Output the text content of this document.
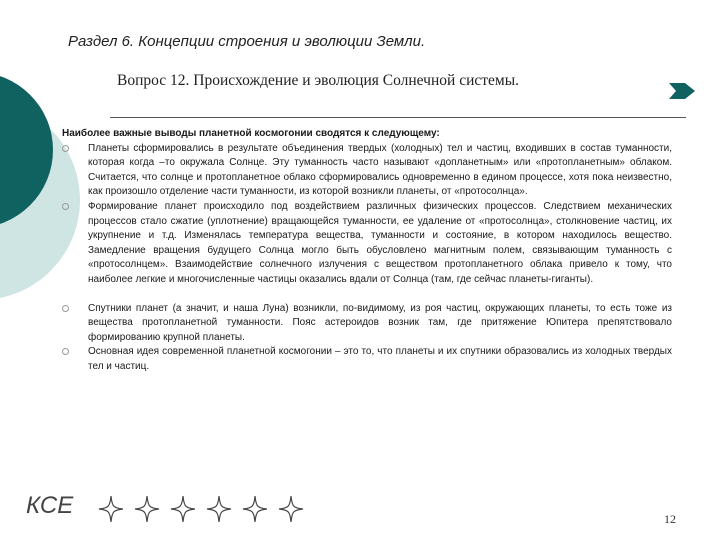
Раздел 6. Концепции строения и эволюции Земли.

Вопрос 12. Происхождение и эволюция Солнечной системы.

Наиболее важные выводы планетной космогонии сводятся к следующему:

Планеты сформировались в результате объединения твердых (холодных) тел и частиц, входивших в состав туманности, которая когда –то окружала Солнце. Эту туманность часто называют «допланетным» или «протопланетным» облаком. Считается, что солнце и протопланетное облако сформировались одновременно в едином процессе, хотя пока неизвестно, как произошло отделение части туманности, из которой возникли планеты, от «протосолнца».
Формирование планет происходило под воздействием различных физических процессов. Следствием механических процессов стало сжатие (уплотнение) вращающейся туманности, ее удаление от «протосолнца», столкновение частиц, их укрупнение и т.д. Изменялась температура вещества, туманности и состояние, в котором находилось вещество. Замедление вращения будущего Солнца могло быть обусловлено магнитным полем, связывающим туманность с «протосолнцем». Взаимодействие солнечного излучения с веществом протопланетного облака привело к тому, что наиболее легкие и многочисленные частицы оказались вдали от Солнца (там, где сейчас планеты-гиганты).
Спутники планет (а значит, и наша Луна) возникли, по-видимому, из роя частиц, окружающих планеты, то есть тоже из вещества протопланетной туманности. Пояс астероидов возник там, где притяжение Юпитера препятствовало формированию крупной планеты.
Основная идея современной планетной космогонии – это то, что планеты и их спутники образовались из холодных твердых тел и частиц.

КСЕ	12
